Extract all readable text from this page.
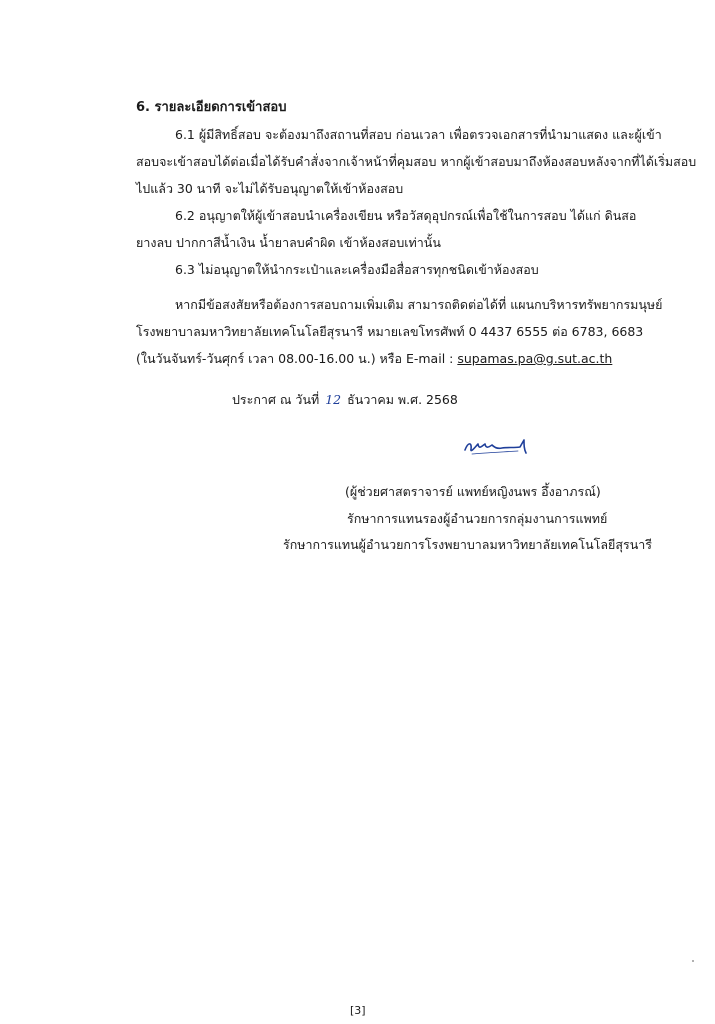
6. รายละเอียดการเข้าสอบ
6.1 ผู้มีสิทธิ์สอบ จะต้องมาถึงสถานที่สอบ ก่อนเวลา เพื่อตรวจเอกสารที่นำมาแสดง และผู้เข้า
สอบจะเข้าสอบได้ต่อเมื่อได้รับคำสั่งจากเจ้าหน้าที่คุมสอบ หากผู้เข้าสอบมาถึงห้องสอบหลังจากที่ได้เริ่มสอบ
ไปแล้ว 30 นาที จะไม่ได้รับอนุญาตให้เข้าห้องสอบ
6.2 อนุญาตให้ผู้เข้าสอบนำเครื่องเขียน หรือวัสดุอุปกรณ์เพื่อใช้ในการสอบ ได้แก่ ดินสอ
ยางลบ ปากกาสีน้ำเงิน น้ำยาลบคำผิด เข้าห้องสอบเท่านั้น
6.3 ไม่อนุญาตให้นำกระเป๋าและเครื่องมือสื่อสารทุกชนิดเข้าห้องสอบ
หากมีข้อสงสัยหรือต้องการสอบถามเพิ่มเติม สามารถติดต่อได้ที่ แผนกบริหารทรัพยากรมนุษย์
โรงพยาบาลมหาวิทยาลัยเทคโนโลยีสุรนารี หมายเลขโทรศัพท์ 0 4437 6555 ต่อ 6783, 6683
(ในวันจันทร์-วันศุกร์ เวลา 08.00-16.00 น.) หรือ E-mail : supamas.pa@g.sut.ac.th
ประกาศ ณ วันที่ 12 ธันวาคม พ.ศ. 2568
(ผู้ช่วยศาสตราจารย์ แพทย์หญิงนพร อึ้งอาภรณ์)
รักษาการแทนรองผู้อำนวยการกลุ่มงานการแพทย์
รักษาการแทนผู้อำนวยการโรงพยาบาลมหาวิทยาลัยเทคโนโลยีสุรนารี
[3]
